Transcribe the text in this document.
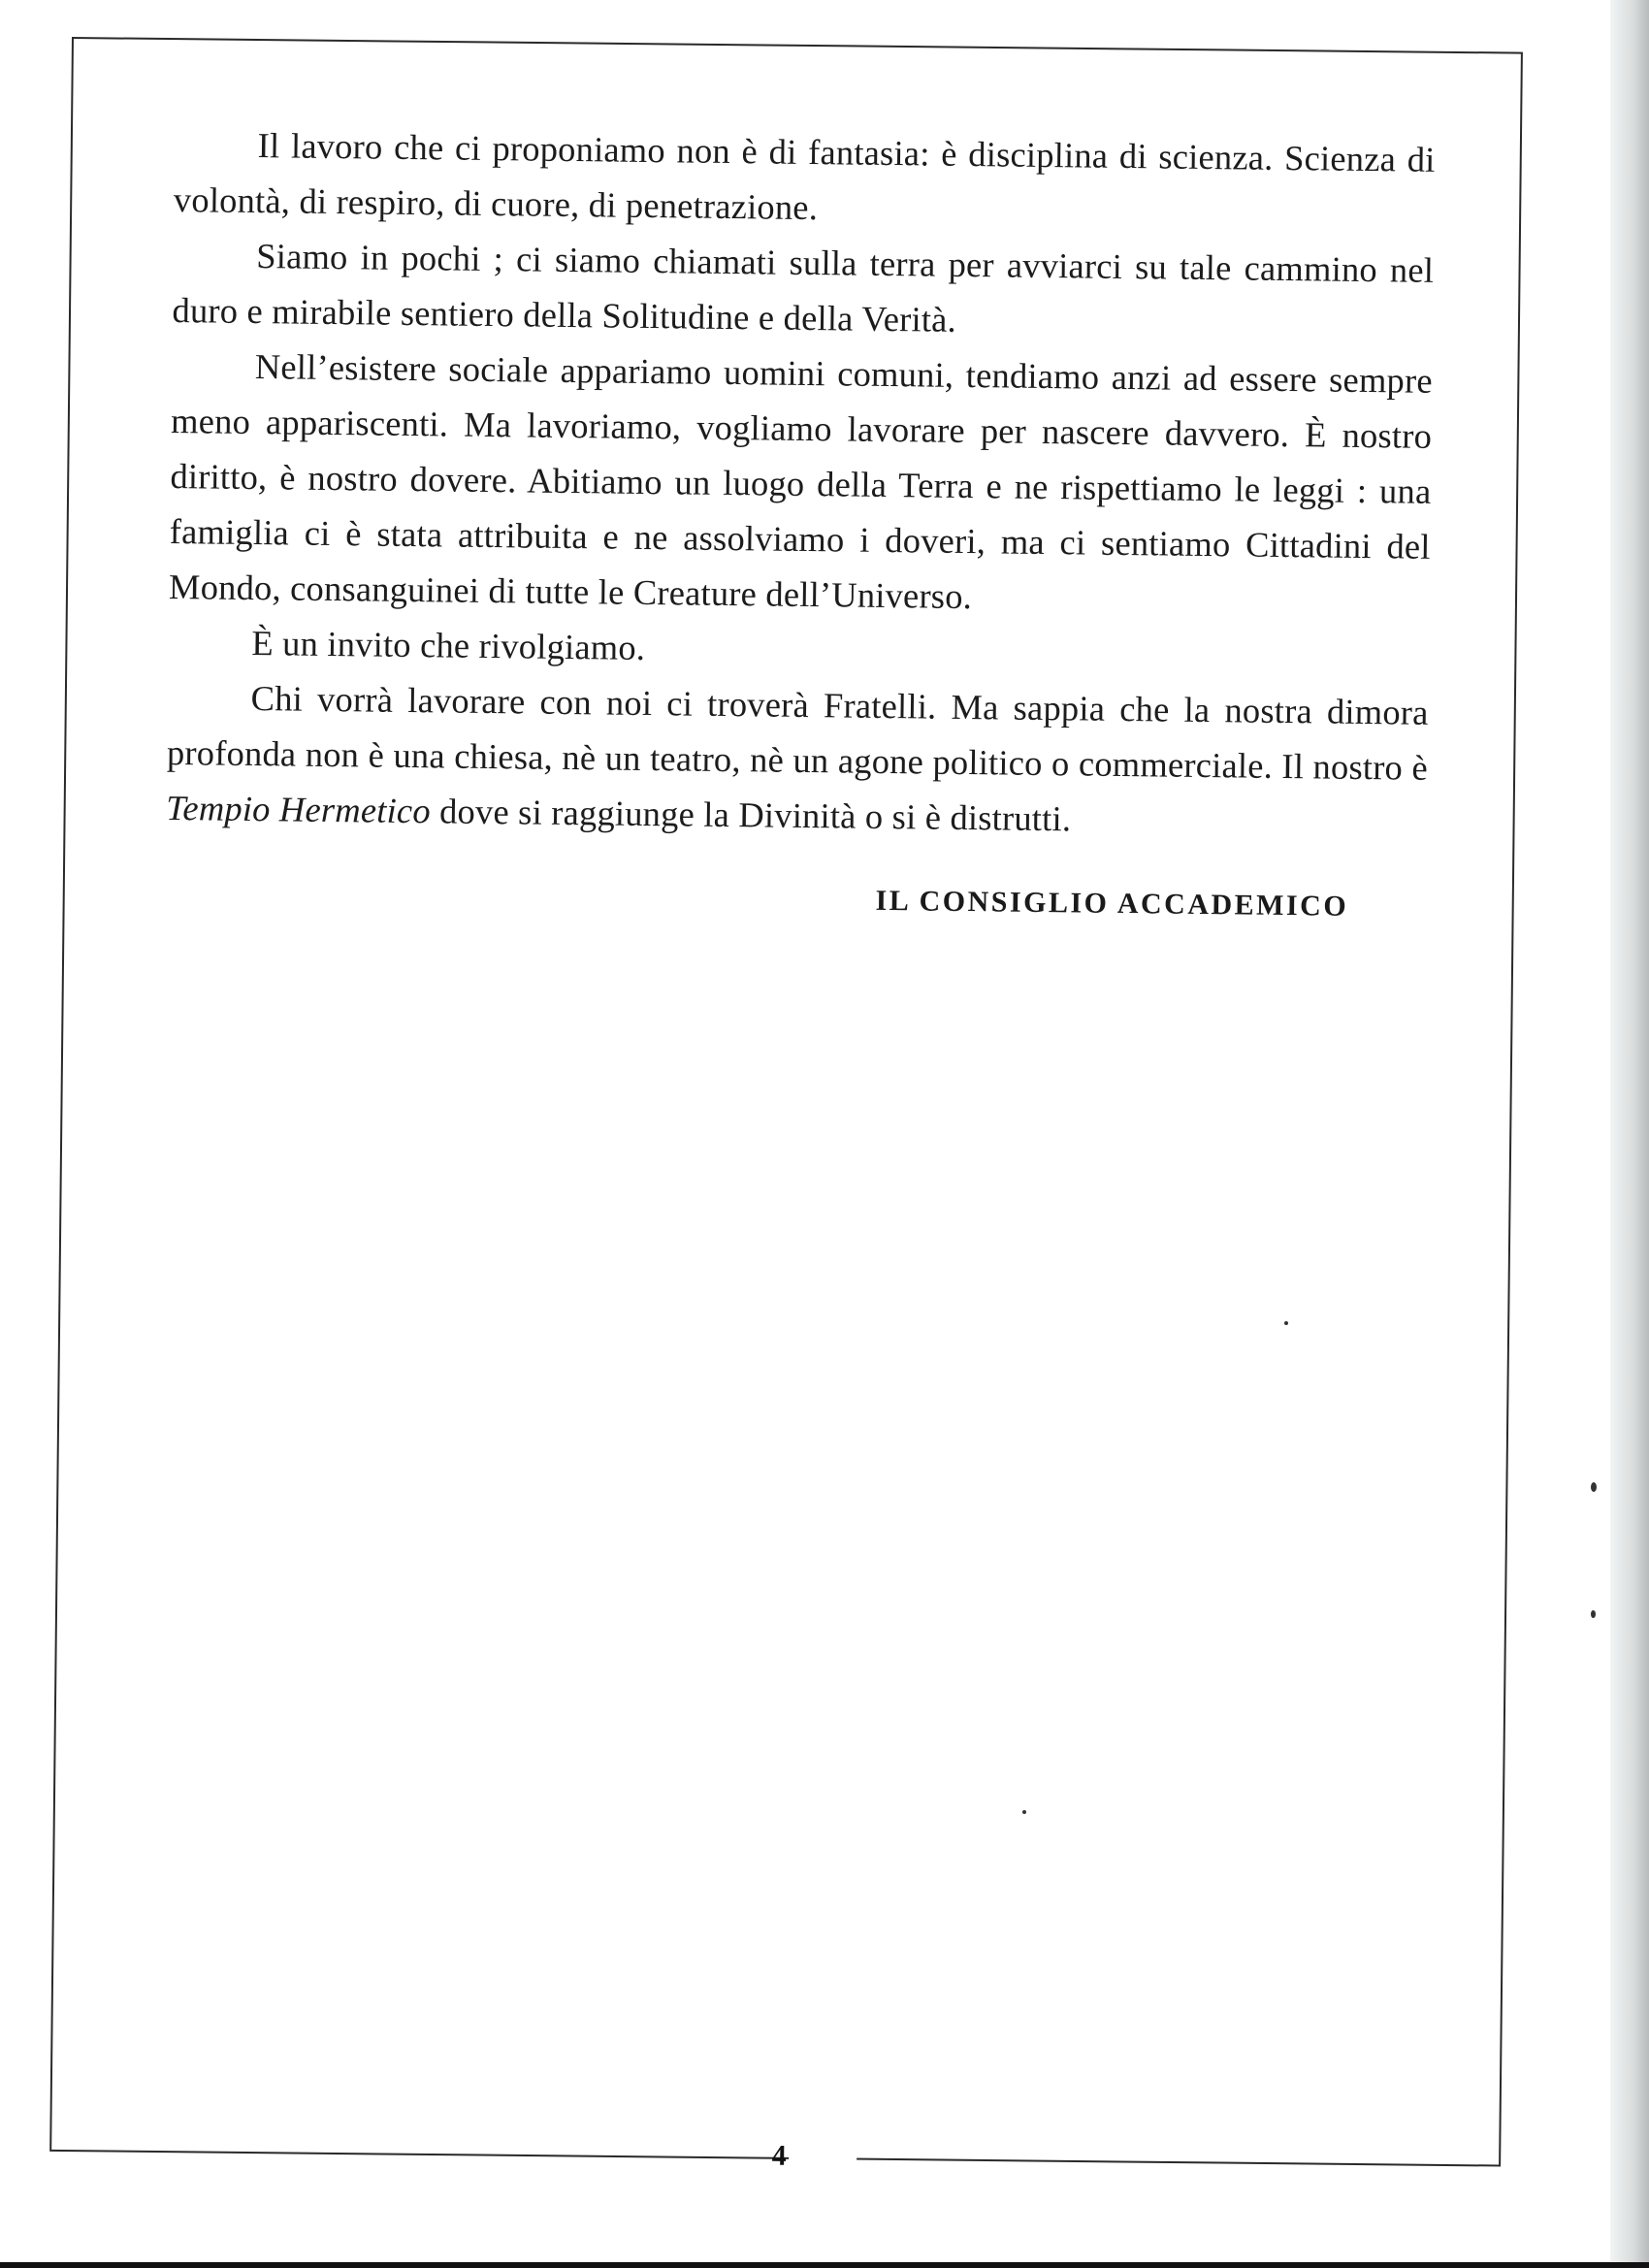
4

Il lavoro che ci proponiamo non è di fantasia: è disciplina di scienza. Scienza di volontà, di respiro, di cuore, di penetrazione.

Siamo in pochi ; ci siamo chiamati sulla terra per avviarci su tale cammino nel duro e mirabile sentiero della Solitudine e della Verità.

Nell’esistere sociale appariamo uomini comuni, tendiamo anzi ad essere sempre meno appariscenti. Ma lavoriamo, vogliamo lavorare per nascere davvero. È nostro diritto, è nostro dovere. Abitiamo un luogo della Terra e ne rispettiamo le leggi : una famiglia ci è stata attribuita e ne assolviamo i doveri, ma ci sentiamo Cittadini del Mondo, consanguinei di tutte le Creature dell’Universo.

È un invito che rivolgiamo.

Chi vorrà lavorare con noi ci troverà Fratelli. Ma sappia che la nostra dimora profonda non è una chiesa, nè un teatro, nè un agone politico o commerciale. Il nostro è Tempio Hermetico dove si raggiunge la Divinità o si è distrutti.

IL CONSIGLIO ACCADEMICO
